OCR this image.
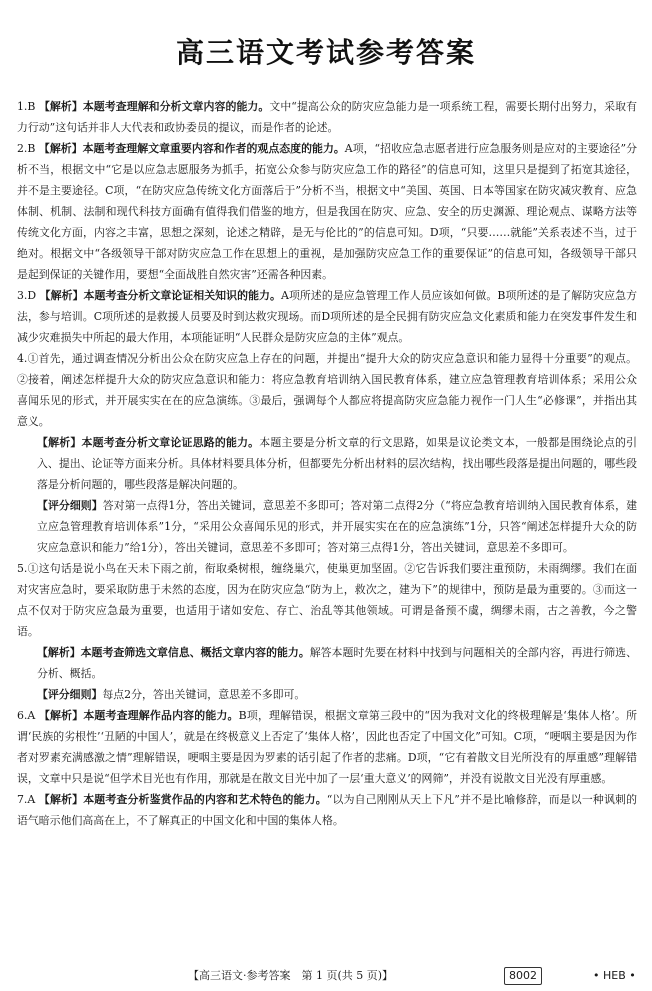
高三语文考试参考答案

1.B 【解析】本题考查理解和分析文章内容的能力。文中“提高公众的防灾应急能力是一项系统工程，需要长期付出努力，采取有力行动”这句话并非人大代表和政协委员的提议，而是作者的论述。

2.B 【解析】本题考查理解文章重要内容和作者的观点态度的能力。A项，“招收应急志愿者进行应急服务则是应对的主要途径”分析不当，根据文中“它是以应急志愿服务为抓手，拓宽公众参与防灾应急工作的路径”的信息可知，这里只是提到了拓宽其途径，并不是主要途径。C项，“在防灾应急传统文化方面落后于”分析不当，根据文中“美国、英国、日本等国家在防灾减灾教育、应急体制、机制、法制和现代科技方面确有值得我们借鉴的地方，但是我国在防灾、应急、安全的历史渊源、理论观点、谋略方法等传统文化方面，内容之丰富，思想之深刻，论述之精辟，是无与伦比的”的信息可知。D项，“只要……就能”关系表述不当，过于绝对。根据文中“各级领导干部对防灾应急工作在思想上的重视，是加强防灾应急工作的重要保证”的信息可知，各级领导干部只是起到保证的关键作用，要想“全面战胜自然灾害”还需各种因素。

3.D 【解析】本题考查分析文章论证相关知识的能力。A项所述的是应急管理工作人员应该如何做。B项所述的是了解防灾应急方法，参与培训。C项所述的是救援人员要及时到达救灾现场。而D项所述的是全民拥有防灾应急文化素质和能力在突发事件发生和减少灾难损失中所起的最大作用，本项能证明“人民群众是防灾应急的主体”观点。

4.①首先，通过调查情况分析出公众在防灾应急上存在的问题，并提出“提升大众的防灾应急意识和能力显得十分重要”的观点。②接着，阐述怎样提升大众的防灾应急意识和能力：将应急教育培训纳入国民教育体系，建立应急管理教育培训体系；采用公众喜闻乐见的形式，并开展实实在在的应急演练。③最后，强调每个人都应将提高防灾应急能力视作一门人生“必修课”，并指出其意义。

【解析】本题考查分析文章论证思路的能力。本题主要是分析文章的行文思路，如果是议论类文本，一般都是围绕论点的引入、提出、论证等方面来分析。具体材料要具体分析，但都要先分析出材料的层次结构，找出哪些段落是提出问题的，哪些段落是分析问题的，哪些段落是解决问题的。

【评分细则】答对第一点得1分，答出关键词，意思差不多即可；答对第二点得2分（“将应急教育培训纳入国民教育体系，建立应急管理教育培训体系”1分，“采用公众喜闻乐见的形式，并开展实实在在的应急演练”1分，只答“阐述怎样提升大众的防灾应急意识和能力”给1分），答出关键词，意思差不多即可；答对第三点得1分，答出关键词，意思差不多即可。

5.①这句话是说小鸟在天未下雨之前，衔取桑树根，缠绕巢穴，使巢更加坚固。②它告诉我们要注重预防，未雨绸缪。我们在面对灾害应急时，要采取防患于未然的态度，因为在防灾应急“防为上，救次之，建为下”的规律中，预防是最为重要的。③而这一点不仅对于防灾应急最为重要，也适用于诸如安危、存亡、治乱等其他领域。可谓是备预不虞，绸缪未雨，古之善教，今之警语。

【解析】本题考查筛选文章信息、概括文章内容的能力。解答本题时先要在材料中找到与问题相关的全部内容，再进行筛选、分析、概括。

【评分细则】每点2分，答出关键词，意思差不多即可。

6.A 【解析】本题考查理解作品内容的能力。B项，理解错误，根据文章第三段中的“因为我对文化的终极理解是‘集体人格’。所谓‘民族的劣根性’‘丑陋的中国人’，就是在终极意义上否定了‘集体人格’，因此也否定了中国文化”可知。C项，“哽咽主要是因为作者对罗素充满感激之情”理解错误，哽咽主要是因为罗素的话引起了作者的悲痛。D项，“它有着散文目光所没有的厚重感”理解错误，文章中只是说“但学术目光也有作用，那就是在散文目光中加了一层‘重大意义’的网筛”，并没有说散文目光没有厚重感。

7.A 【解析】本题考查分析鉴赏作品的内容和艺术特色的能力。“以为自己刚刚从天上下凡”并不是比喻修辞，而是以一种讽刺的语气暗示他们高高在上，不了解真正的中国文化和中国的集体人格。

【高三语文·参考答案　第 1 页(共 5 页)】	8002	• HEB •
